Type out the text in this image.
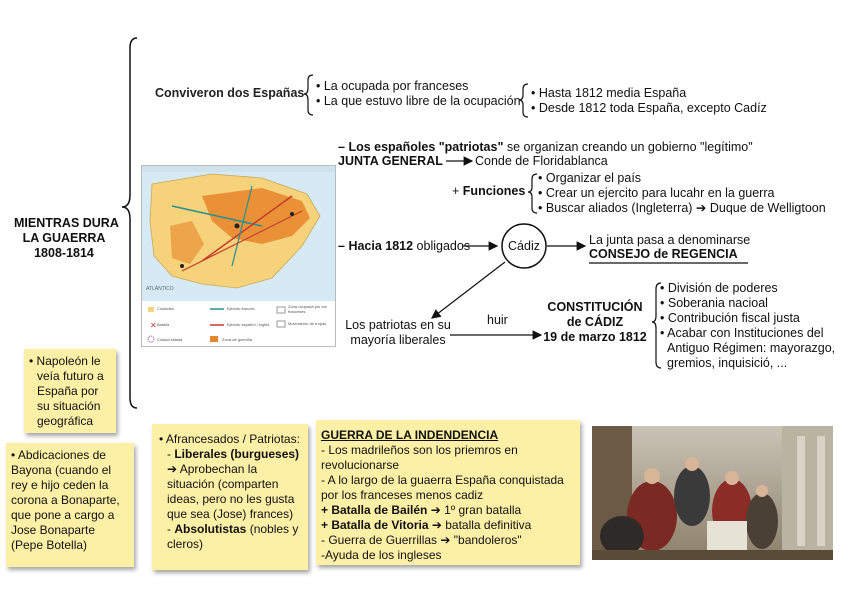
MIENTRAS DURA
LA GUAERRA
1808-1814
Conviveron dos Españas
•	La ocupada por franceses
• La que estuvo libre de la ocupación
• Hasta 1812 media España
• Desde 1812 toda España, excepto Cadíz
– Los españoles "patriotas" se organizan creando un gobierno "legítimo"
JUNTA GENERAL	Conde de Floridablanca
+ Funciones
• Organizar el país
• Crear un ejercito para lucahr en la guerra
• Buscar aliados (Ingleterra) ➔ Duque de Welligtoon
– Hacia 1812 obligados	Cádiz	La junta pasa a denominarse
CONSEJO de REGENCIA
Los patriotas en su
mayoría liberales
huir
CONSTITUCIÓN
de CÁDIZ
19 de marzo 1812
• División de poderes
• Soberania nacioal
• Contribución fiscal justa
• Acabar con Instituciones del
Antiguo Régimen: mayorazgo,
gremios, inquisició, ...
✕
ATLÁNTICO
Ciudades	Ejército francés	Zona ocupada por los franceses
Batalla	Ejército español / inglés	Movimiento de tropas
Ciudad sitiada	Zona de guerrilla
• Napoleón le
veía futuro a
España por
su situación
geográfica
• Abdicaciones de
Bayona (cuando el
rey e hijo ceden la
corona a Bonaparte,
que pone a cargo a
Jose Bonaparte
(Pepe Botella)
• Afrancesados / Patriotas:
- Liberales (burgueses)
➔ Aprobechan la
situación (comparten
ideas, pero no les gusta
que sea (Jose) frances)
- Absolutistas (nobles y
cleros)
GUERRA DE LA INDENDENCIA
- Los madrileños son los priemros en
revolucionarse
- A lo largo de la guaerra España conquistada
por los franceses menos cadiz
+ Batalla de Bailén ➔ 1º gran batalla
+ Batalla de Vitoria ➔ batalla definitiva
- Guerra de Guerrillas ➔ "bandoleros"
-Ayuda de los ingleses
